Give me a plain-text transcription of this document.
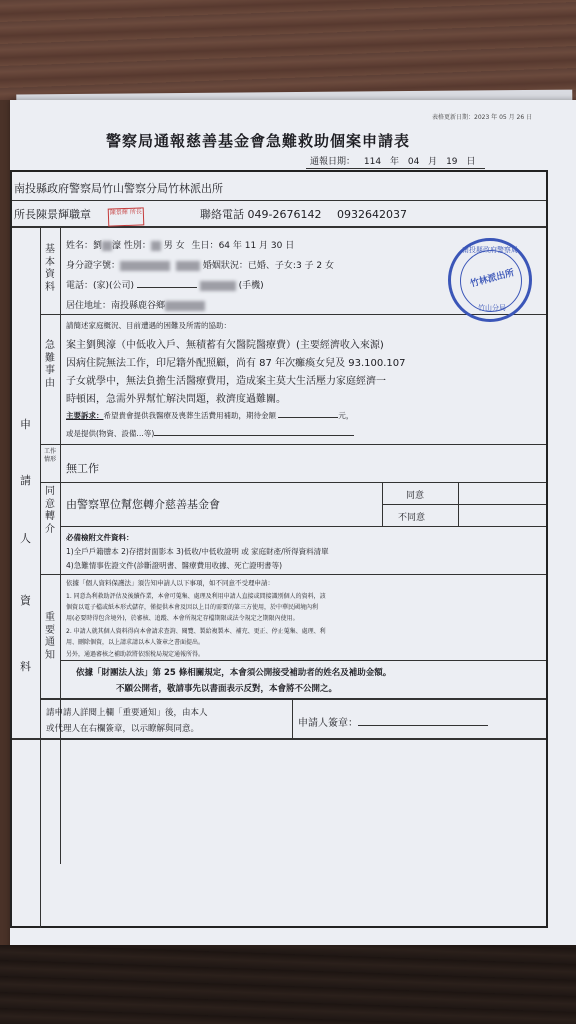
表格更新日期：2023 年 05 月 26 日
警察局通報慈善基金會急難救助個案申請表
通報日期： 114 年 04 月 19 日
南投縣政府警察局竹山警察分局竹林派出所
所長陳景輝職章	聯絡電話 049-2676142 0932642037
申
請
人
資
料
基本資料
姓名：劉 濠 性別： 男 女 生日：64 年 11 月 30 日
身分證字號：	婚姻狀況：已婚、子女:3 子 2 女
電話：(家)(公司)	(手機)
居住地址：南投縣鹿谷鄉
急難事由
請簡述家庭概況、目前遭遇的困難及所需的協助：
案主劉興濠（中低收入戶、無積蓄有欠醫院醫療費）(主要經濟收入來源)
因病住院無法工作，印尼籍外配照顧，尚有 87 年次癱瘓女兒及 93.100.107
子女就學中，無法負擔生活醫療費用，造成案主莫大生活壓力家庭經濟一
時頓困，急需外界幫忙解決問題，救濟度過難關。
主要訴求：希望貴會提供我醫療及喪葬生活費用補助，期待金額	元，
或是提供(物資、設備…等)
工作情形
無工作
同意轉介
由警察單位幫您轉介慈善基金會
同意
不同意
必備檢附文件資料：
1)全戶戶籍謄本 2)存摺封面影本 3)低收/中低收證明 或 家庭財產/所得資料清單
4)急難情事佐證文件(診斷證明書、醫療費用收據、死亡證明書等)
重要通知
依據「個人資料保護法」須告知申請人以下事項，如不同意不受理申請：
1. 同意為利救助評估及後續作業，本會可蒐集、處理及利用申請人直接或間接識別個人的資料，該
個資以電子檔或紙本形式儲存，僅提供本會及因以上目的需要的第三方使用，於中華民國境內利
用(必要時得包含境外)，於審核、追蹤、本會所規定存檔期限或法令規定之期限內使用。
2. 申請人就其個人資料得向本會請求查詢、閱覽、製給複製本、補充、更正、停止蒐集、處理、利
用、刪除個資，以上請求請以本人簽章之書面提出。
另外，通過審核之補助款將依照稅局規定通報所得。
依據「財團法人法」第 25 條相關規定，本會須公開接受補助者的姓名及補助金額。
不願公開者，敬請事先以書面表示反對，本會將不公開之。
請申請人詳閱上欄「重要通知」後，由本人
或代理人在右欄簽章，以示瞭解與同意。	申請人簽章：
陳景輝 所長
南投縣政府警察局
竹林派出所
竹山分局
